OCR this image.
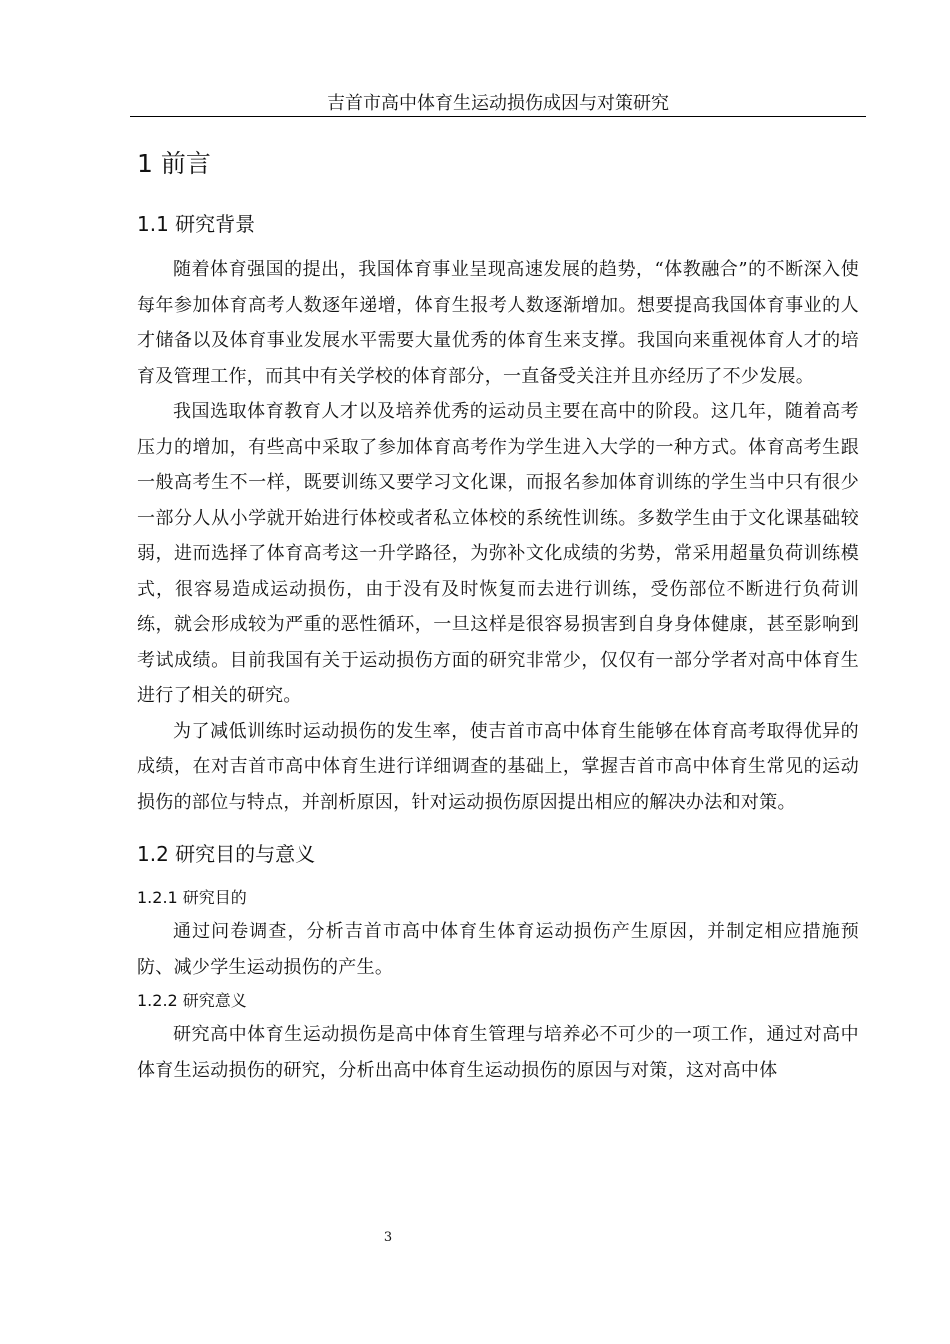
吉首市高中体育生运动损伤成因与对策研究
1 前言
1.1 研究背景

随着体育强国的提出，我国体育事业呈现高速发展的趋势，“体教融合”的不断深入使每年参加体育高考人数逐年递增，体育生报考人数逐渐增加。想要提高我国体育事业的人才储备以及体育事业发展水平需要大量优秀的体育生来支撑。我国向来重视体育人才的培育及管理工作，而其中有关学校的体育部分，一直备受关注并且亦经历了不少发展。

我国选取体育教育人才以及培养优秀的运动员主要在高中的阶段。这几年，随着高考压力的增加，有些高中采取了参加体育高考作为学生进入大学的一种方式。体育高考生跟一般高考生不一样，既要训练又要学习文化课，而报名参加体育训练的学生当中只有很少一部分人从小学就开始进行体校或者私立体校的系统性训练。多数学生由于文化课基础较弱，进而选择了体育高考这一升学路径，为弥补文化成绩的劣势，常采用超量负荷训练模式，很容易造成运动损伤，由于没有及时恢复而去进行训练，受伤部位不断进行负荷训练，就会形成较为严重的恶性循环，一旦这样是很容易损害到自身身体健康，甚至影响到考试成绩。目前我国有关于运动损伤方面的研究非常少，仅仅有一部分学者对高中体育生进行了相关的研究。

为了减低训练时运动损伤的发生率，使吉首市高中体育生能够在体育高考取得优异的成绩，在对吉首市高中体育生进行详细调查的基础上，掌握吉首市高中体育生常见的运动损伤的部位与特点，并剖析原因，针对运动损伤原因提出相应的解决办法和对策。

1.2 研究目的与意义
1.2.1 研究目的

通过问卷调查，分析吉首市高中体育生体育运动损伤产生原因，并制定相应措施预防、减少学生运动损伤的产生。

1.2.2 研究意义

研究高中体育生运动损伤是高中体育生管理与培养必不可少的一项工作，通过对高中体育生运动损伤的研究，分析出高中体育生运动损伤的原因与对策，这对高中体

3
